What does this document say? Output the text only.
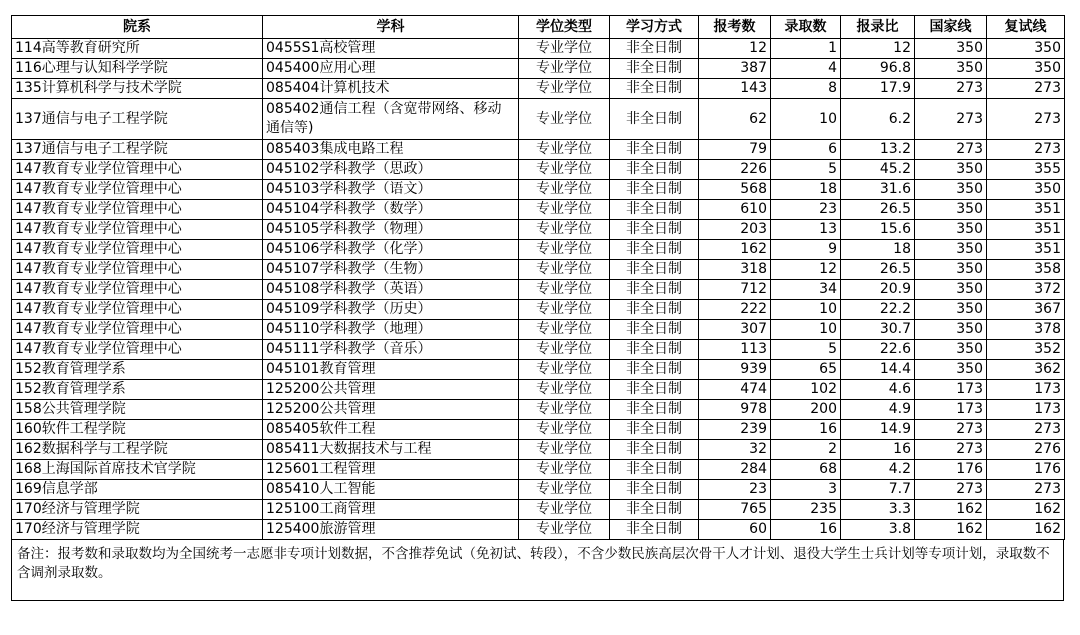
院系	学科	学位类型	学习方式	报考数	录取数	报录比	国家线	复试线
114高等教育研究所	0455S1高校管理	专业学位	非全日制	12	1	12	350	350
116心理与认知科学学院	045400应用心理	专业学位	非全日制	387	4	96.8	350	350
135计算机科学与技术学院	085404计算机技术	专业学位	非全日制	143	8	17.9	273	273
137通信与电子工程学院	085402通信工程（含宽带网络、移动通信等)	专业学位	非全日制	62	10	6.2	273	273
137通信与电子工程学院	085403集成电路工程	专业学位	非全日制	79	6	13.2	273	273
147教育专业学位管理中心	045102学科教学（思政）	专业学位	非全日制	226	5	45.2	350	355
147教育专业学位管理中心	045103学科教学（语文）	专业学位	非全日制	568	18	31.6	350	350
147教育专业学位管理中心	045104学科教学（数学）	专业学位	非全日制	610	23	26.5	350	351
147教育专业学位管理中心	045105学科教学（物理）	专业学位	非全日制	203	13	15.6	350	351
147教育专业学位管理中心	045106学科教学（化学）	专业学位	非全日制	162	9	18	350	351
147教育专业学位管理中心	045107学科教学（生物）	专业学位	非全日制	318	12	26.5	350	358
147教育专业学位管理中心	045108学科教学（英语）	专业学位	非全日制	712	34	20.9	350	372
147教育专业学位管理中心	045109学科教学（历史）	专业学位	非全日制	222	10	22.2	350	367
147教育专业学位管理中心	045110学科教学（地理）	专业学位	非全日制	307	10	30.7	350	378
147教育专业学位管理中心	045111学科教学（音乐）	专业学位	非全日制	113	5	22.6	350	352
152教育管理学系	045101教育管理	专业学位	非全日制	939	65	14.4	350	362
152教育管理学系	125200公共管理	专业学位	非全日制	474	102	4.6	173	173
158公共管理学院	125200公共管理	专业学位	非全日制	978	200	4.9	173	173
160软件工程学院	085405软件工程	专业学位	非全日制	239	16	14.9	273	273
162数据科学与工程学院	085411大数据技术与工程	专业学位	非全日制	32	2	16	273	276
168上海国际首席技术官学院	125601工程管理	专业学位	非全日制	284	68	4.2	176	176
169信息学部	085410人工智能	专业学位	非全日制	23	3	7.7	273	273
170经济与管理学院	125100工商管理	专业学位	非全日制	765	235	3.3	162	162
170经济与管理学院	125400旅游管理	专业学位	非全日制	60	16	3.8	162	162
备注：报考数和录取数均为全国统考一志愿非专项计划数据，不含推荐免试（免初试、转段），不含少数民族高层次骨干人才计划、退役大学生士兵计划等专项计划，录取数不含调剂录取数。
